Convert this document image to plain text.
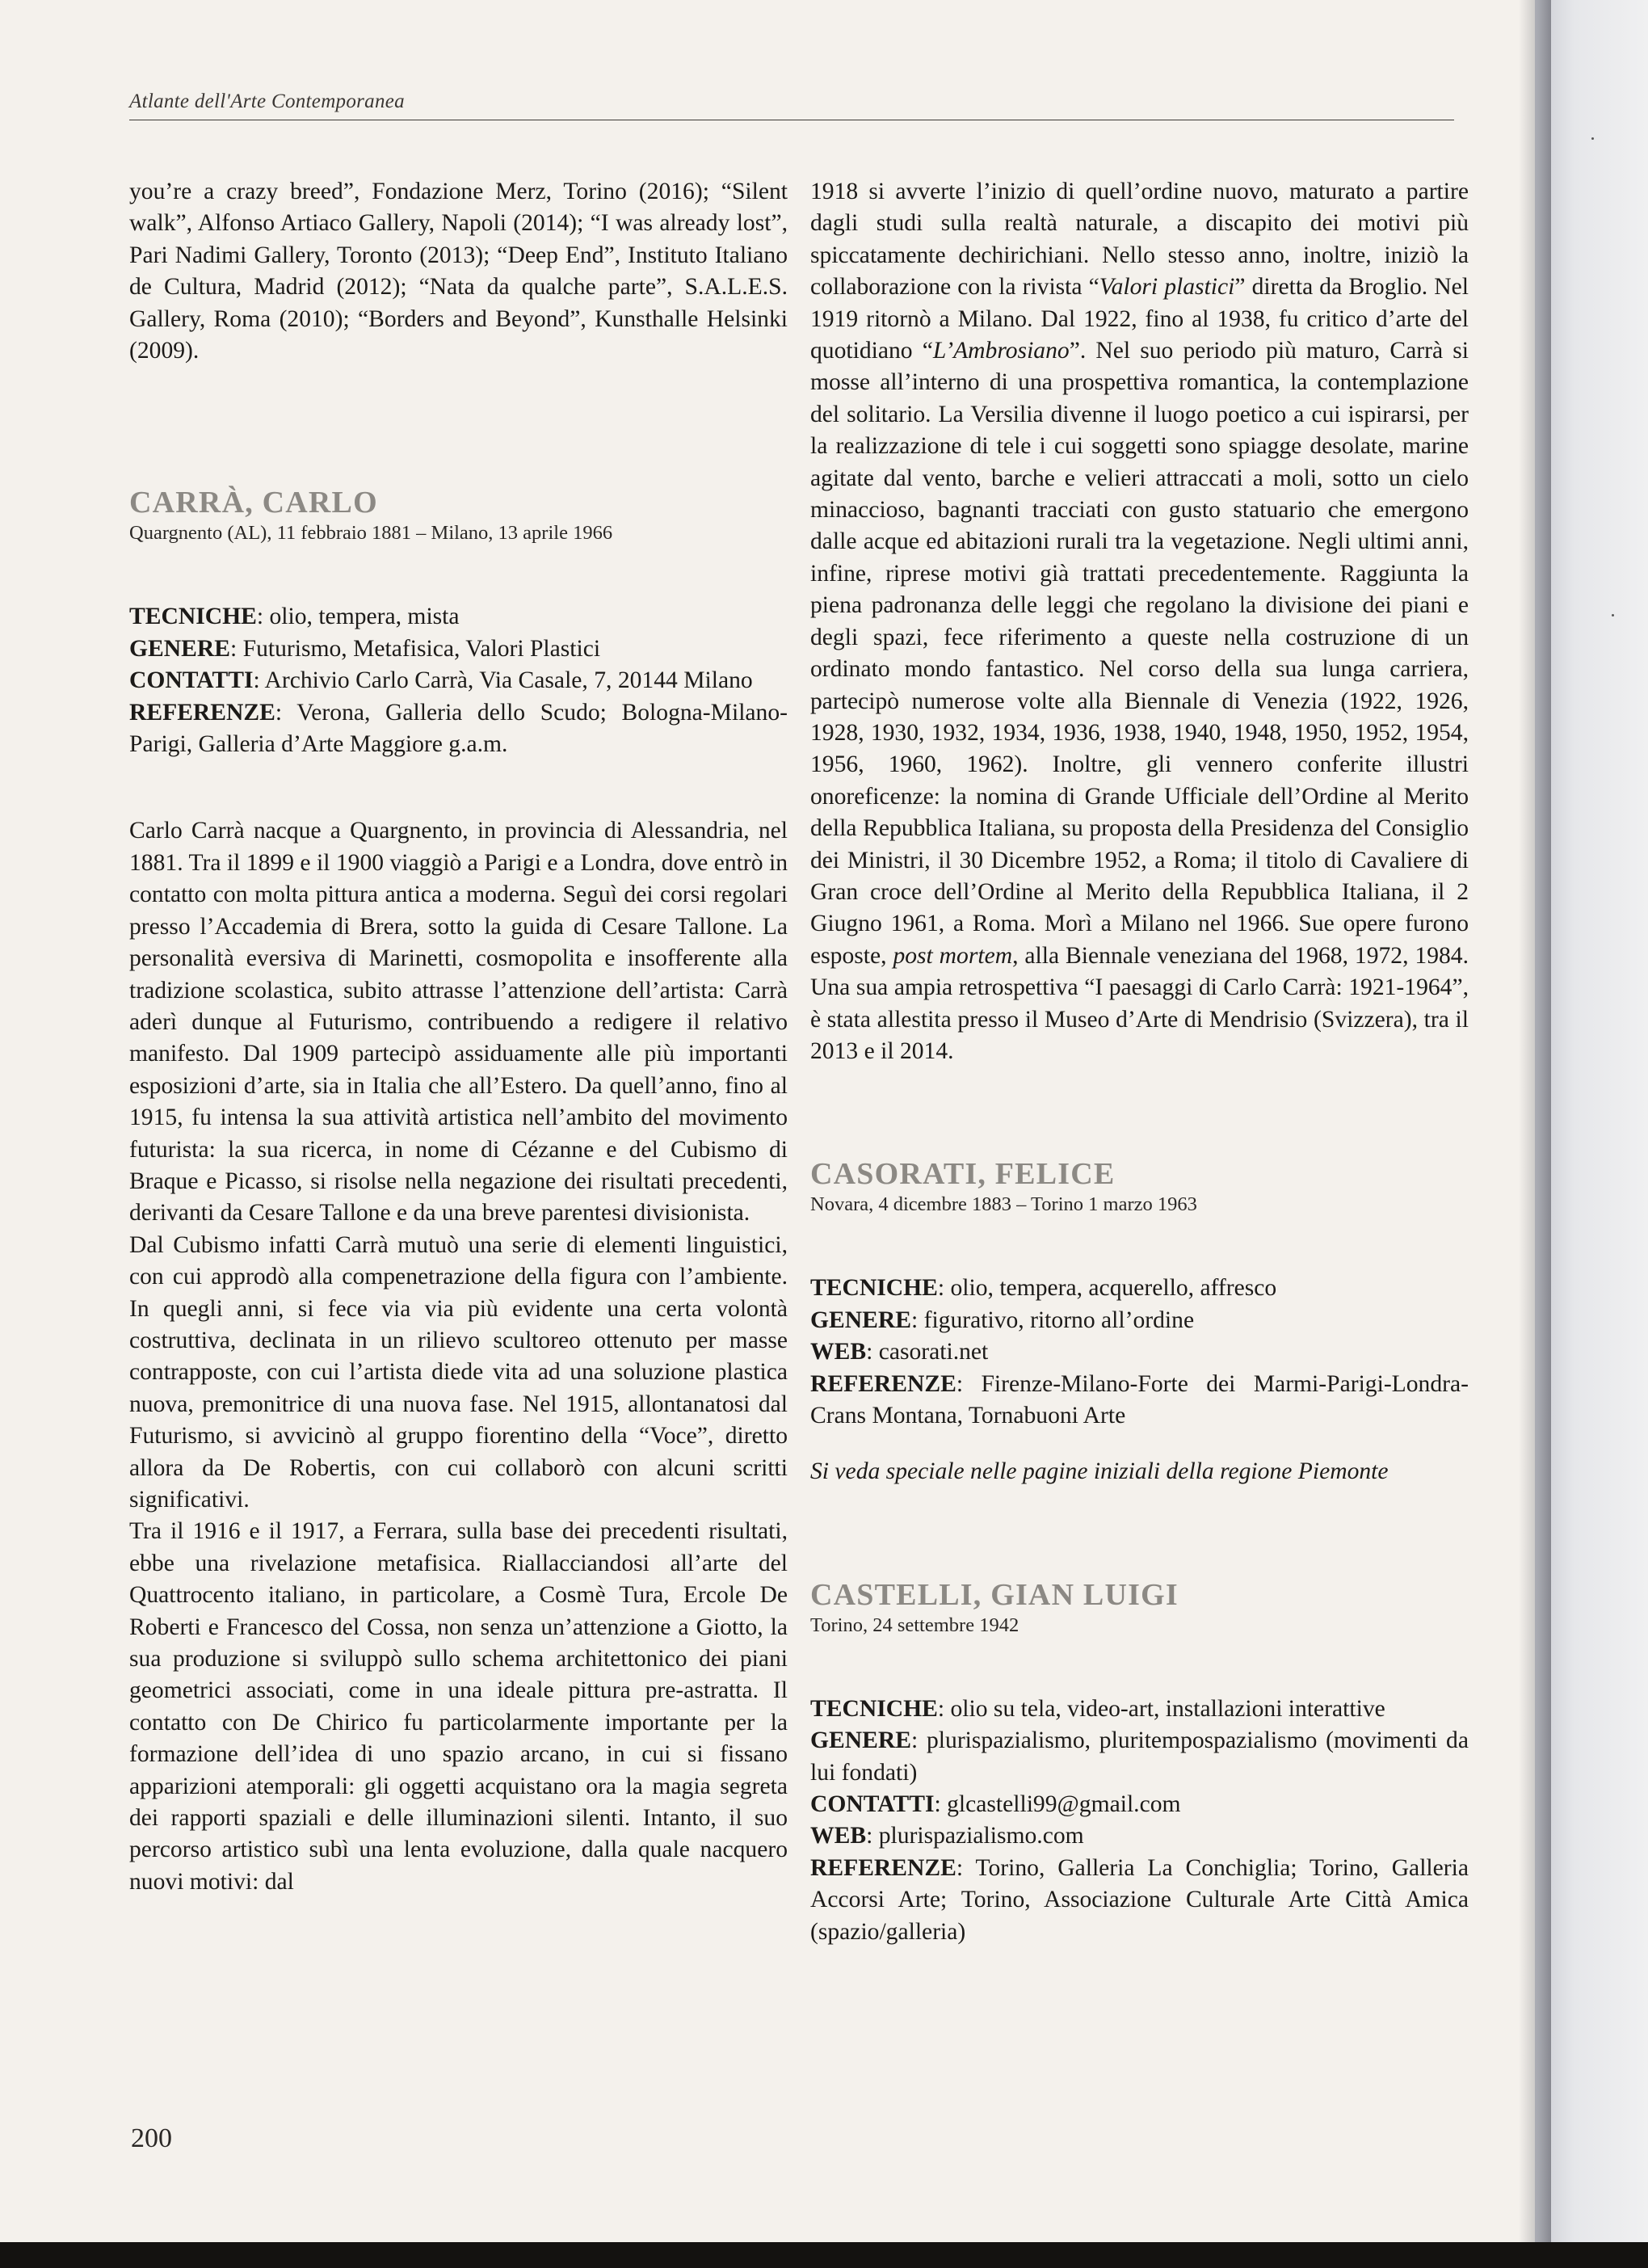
Atlante dell'Arte Contemporanea

you’re a crazy breed”, Fondazione Merz, Torino (2016); “Silent walk”, Alfonso Artiaco Gallery, Napoli (2014); “I was already lost”, Pari Nadimi Gallery, Toronto (2013); “Deep End”, Instituto Italiano de Cultura, Madrid (2012); “Nata da qualche parte”, S.A.L.E.S. Gallery, Roma (2010); “Borders and Beyond”, Kunsthalle Helsinki (2009).

CARRÀ, CARLO

Quargnento (AL), 11 febbraio 1881 – Milano, 13 aprile 1966

TECNICHE: olio, tempera, mista

GENERE: Futurismo, Metafisica, Valori Plastici

CONTATTI: Archivio Carlo Carrà, Via Casale, 7, 20144 Milano

REFERENZE: Verona, Galleria dello Scudo; Bologna-Milano-Parigi, Galleria d’Arte Maggiore g.a.m.

Carlo Carrà nacque a Quargnento, in provincia di Alessandria, nel 1881. Tra il 1899 e il 1900 viaggiò a Parigi e a Londra, dove entrò in contatto con molta pittura antica a moderna. Seguì dei corsi regolari presso l’Accademia di Brera, sotto la guida di Cesare Tallone. La personalità eversiva di Marinetti, cosmopolita e insofferente alla tradizione scolastica, subito attrasse l’attenzione dell’artista: Carrà aderì dunque al Futurismo, contribuendo a redigere il relativo manifesto. Dal 1909 partecipò assiduamente alle più importanti esposizioni d’arte, sia in Italia che all’Estero. Da quell’anno, fino al 1915, fu intensa la sua attività artistica nell’ambito del movimento futurista: la sua ricerca, in nome di Cézanne e del Cubismo di Braque e Picasso, si risolse nella negazione dei risultati precedenti, derivanti da Cesare Tallone e da una breve parentesi divisionista.

Dal Cubismo infatti Carrà mutuò una serie di elementi linguistici, con cui approdò alla compenetrazione della figura con l’ambiente. In quegli anni, si fece via via più evidente una certa volontà costruttiva, declinata in un rilievo scultoreo ottenuto per masse contrapposte, con cui l’artista diede vita ad una soluzione plastica nuova, premonitrice di una nuova fase. Nel 1915, allontanatosi dal Futurismo, si avvicinò al gruppo fiorentino della “Voce”, diretto allora da De Robertis, con cui collaborò con alcuni scritti significativi.

Tra il 1916 e il 1917, a Ferrara, sulla base dei precedenti risultati, ebbe una rivelazione metafisica. Riallacciandosi all’arte del Quattrocento italiano, in particolare, a Cosmè Tura, Ercole De Roberti e Francesco del Cossa, non senza un’attenzione a Giotto, la sua produzione si sviluppò sullo schema architettonico dei piani geometrici associati, come in una ideale pittura pre-astratta. Il contatto con De Chirico fu particolarmente importante per la formazione dell’idea di uno spazio arcano, in cui si fissano apparizioni atemporali: gli oggetti acquistano ora la magia segreta dei rapporti spaziali e delle illuminazioni silenti. Intanto, il suo percorso artistico subì una lenta evoluzione, dalla quale nacquero nuovi motivi: dal

1918 si avverte l’inizio di quell’ordine nuovo, maturato a partire dagli studi sulla realtà naturale, a discapito dei motivi più spiccatamente dechirichiani. Nello stesso anno, inoltre, iniziò la collaborazione con la rivista “Valori plastici” diretta da Broglio. Nel 1919 ritornò a Milano. Dal 1922, fino al 1938, fu critico d’arte del quotidiano “L’Ambrosiano”. Nel suo periodo più maturo, Carrà si mosse all’interno di una prospettiva romantica, la contemplazione del solitario. La Versilia divenne il luogo poetico a cui ispirarsi, per la realizzazione di tele i cui soggetti sono spiagge desolate, marine agitate dal vento, barche e velieri attraccati a moli, sotto un cielo minaccioso, bagnanti tracciati con gusto statuario che emergono dalle acque ed abitazioni rurali tra la vegetazione. Negli ultimi anni, infine, riprese motivi già trattati precedentemente. Raggiunta la piena padronanza delle leggi che regolano la divisione dei piani e degli spazi, fece riferimento a queste nella costruzione di un ordinato mondo fantastico. Nel corso della sua lunga carriera, partecipò numerose volte alla Biennale di Venezia (1922, 1926, 1928, 1930, 1932, 1934, 1936, 1938, 1940, 1948, 1950, 1952, 1954, 1956, 1960, 1962). Inoltre, gli vennero conferite illustri onoreficenze: la nomina di Grande Ufficiale dell’Ordine al Merito della Repubblica Italiana, su proposta della Presidenza del Consiglio dei Ministri, il 30 Dicembre 1952, a Roma; il titolo di Cavaliere di Gran croce dell’Ordine al Merito della Repubblica Italiana, il 2 Giugno 1961, a Roma. Morì a Milano nel 1966. Sue opere furono esposte, post mortem, alla Biennale veneziana del 1968, 1972, 1984. Una sua ampia retrospettiva “I paesaggi di Carlo Carrà: 1921-1964”, è stata allestita presso il Museo d’Arte di Mendrisio (Svizzera), tra il 2013 e il 2014.

CASORATI, FELICE

Novara, 4 dicembre 1883 – Torino 1 marzo 1963

TECNICHE: olio, tempera, acquerello, affresco

GENERE: figurativo, ritorno all’ordine

WEB: casorati.net

REFERENZE: Firenze-Milano-Forte dei Marmi-Parigi-Londra-Crans Montana, Tornabuoni Arte

Si veda speciale nelle pagine iniziali della regione Piemonte

CASTELLI, GIAN LUIGI

Torino, 24 settembre 1942

TECNICHE: olio su tela, video-art, installazioni interattive

GENERE: plurispazialismo, pluritempospazialismo (movimenti da lui fondati)

CONTATTI: glcastelli99@gmail.com

WEB: plurispazialismo.com

REFERENZE: Torino, Galleria La Conchiglia; Torino, Galleria Accorsi Arte; Torino, Associazione Culturale Arte Città Amica (spazio/galleria)

200
